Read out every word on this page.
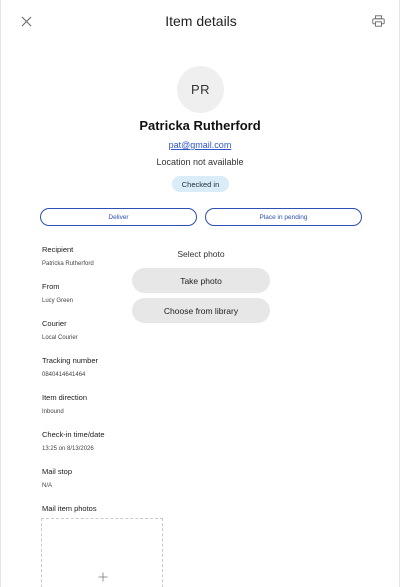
Item details
PR
Patricka Rutherford
pat@gmail.com
Location not available
Checked in
Deliver	Place in pending
Recipient
Patricka Rutherford
From
Lucy Green
Courier
Local Courier
Tracking number
0840414641464
Item direction
Inbound
Check-in time/date
13:25 on 8/13/2026
Mail stop
N/A
Mail item photos
Select photo
Take photo
Choose from library
